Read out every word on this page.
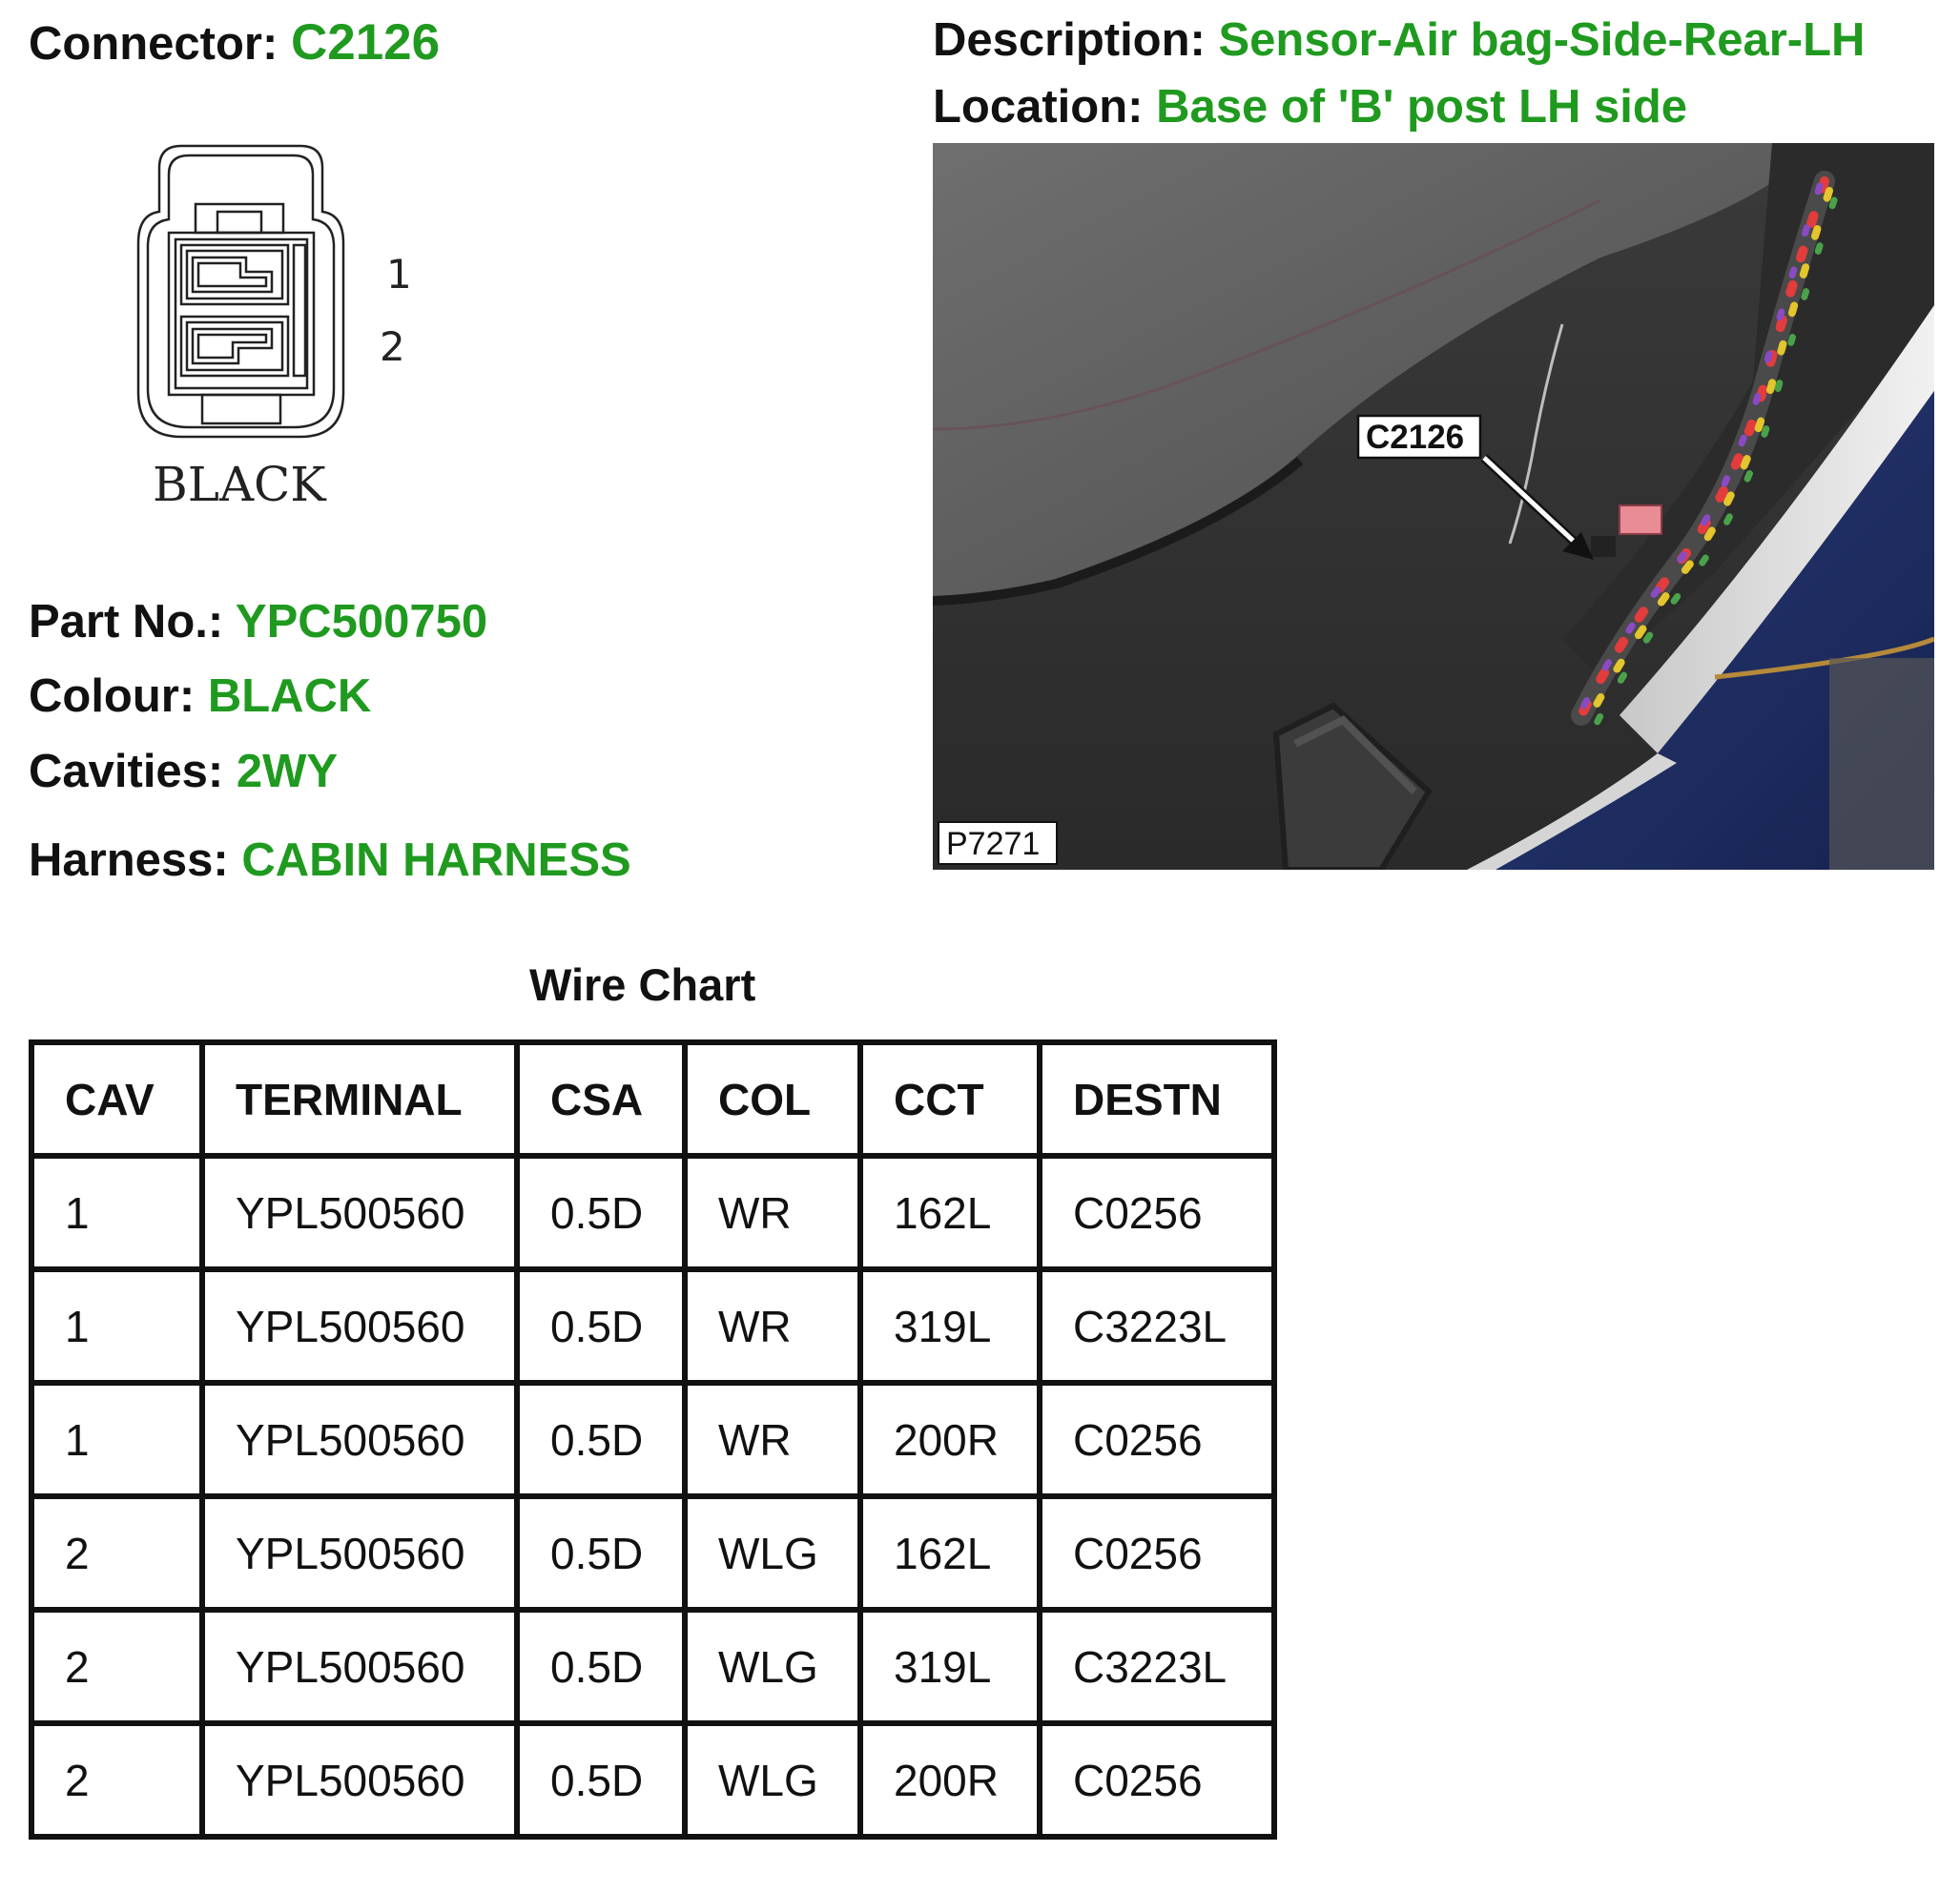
Connector: C2126	Description: Sensor-Air bag-Side-Rear-LH
Location: Base of 'B' post LH side
1
2
BLACK
C2126
P7271
Part No.: YPC500750
Colour: BLACK
Cavities: 2WY
Harness: CABIN HARNESS
Wire Chart
CAV	TERMINAL	CSA	COL	CCT	DESTN
1	YPL500560	0.5D	WR	162L	C0256
1	YPL500560	0.5D	WR	319L	C3223L
1	YPL500560	0.5D	WR	200R	C0256
2	YPL500560	0.5D	WLG	162L	C0256
2	YPL500560	0.5D	WLG	319L	C3223L
2	YPL500560	0.5D	WLG	200R	C0256
